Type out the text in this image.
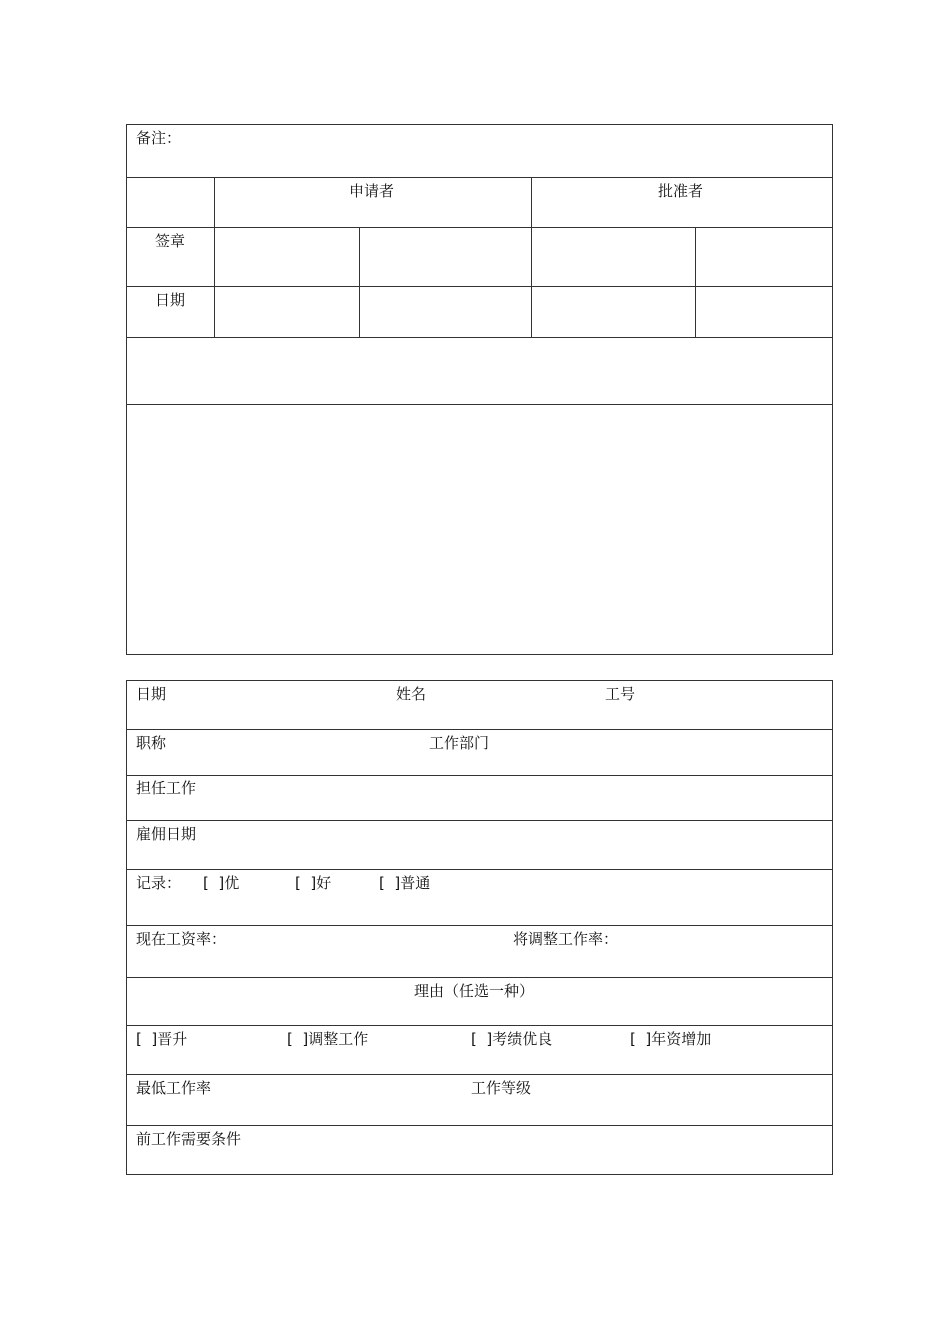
备注：
申请者	批准者
签章
日期
日期	姓名	工号
职称	工作部门
担任工作
雇佣日期
记录： [  ]优	[  ]好	[  ]普通
现在工资率：	将调整工作率：
理由（任选一种）
[  ]晋升	[  ]调整工作	[  ]考绩优良	[  ]年资增加
最低工作率	工作等级
前工作需要条件
